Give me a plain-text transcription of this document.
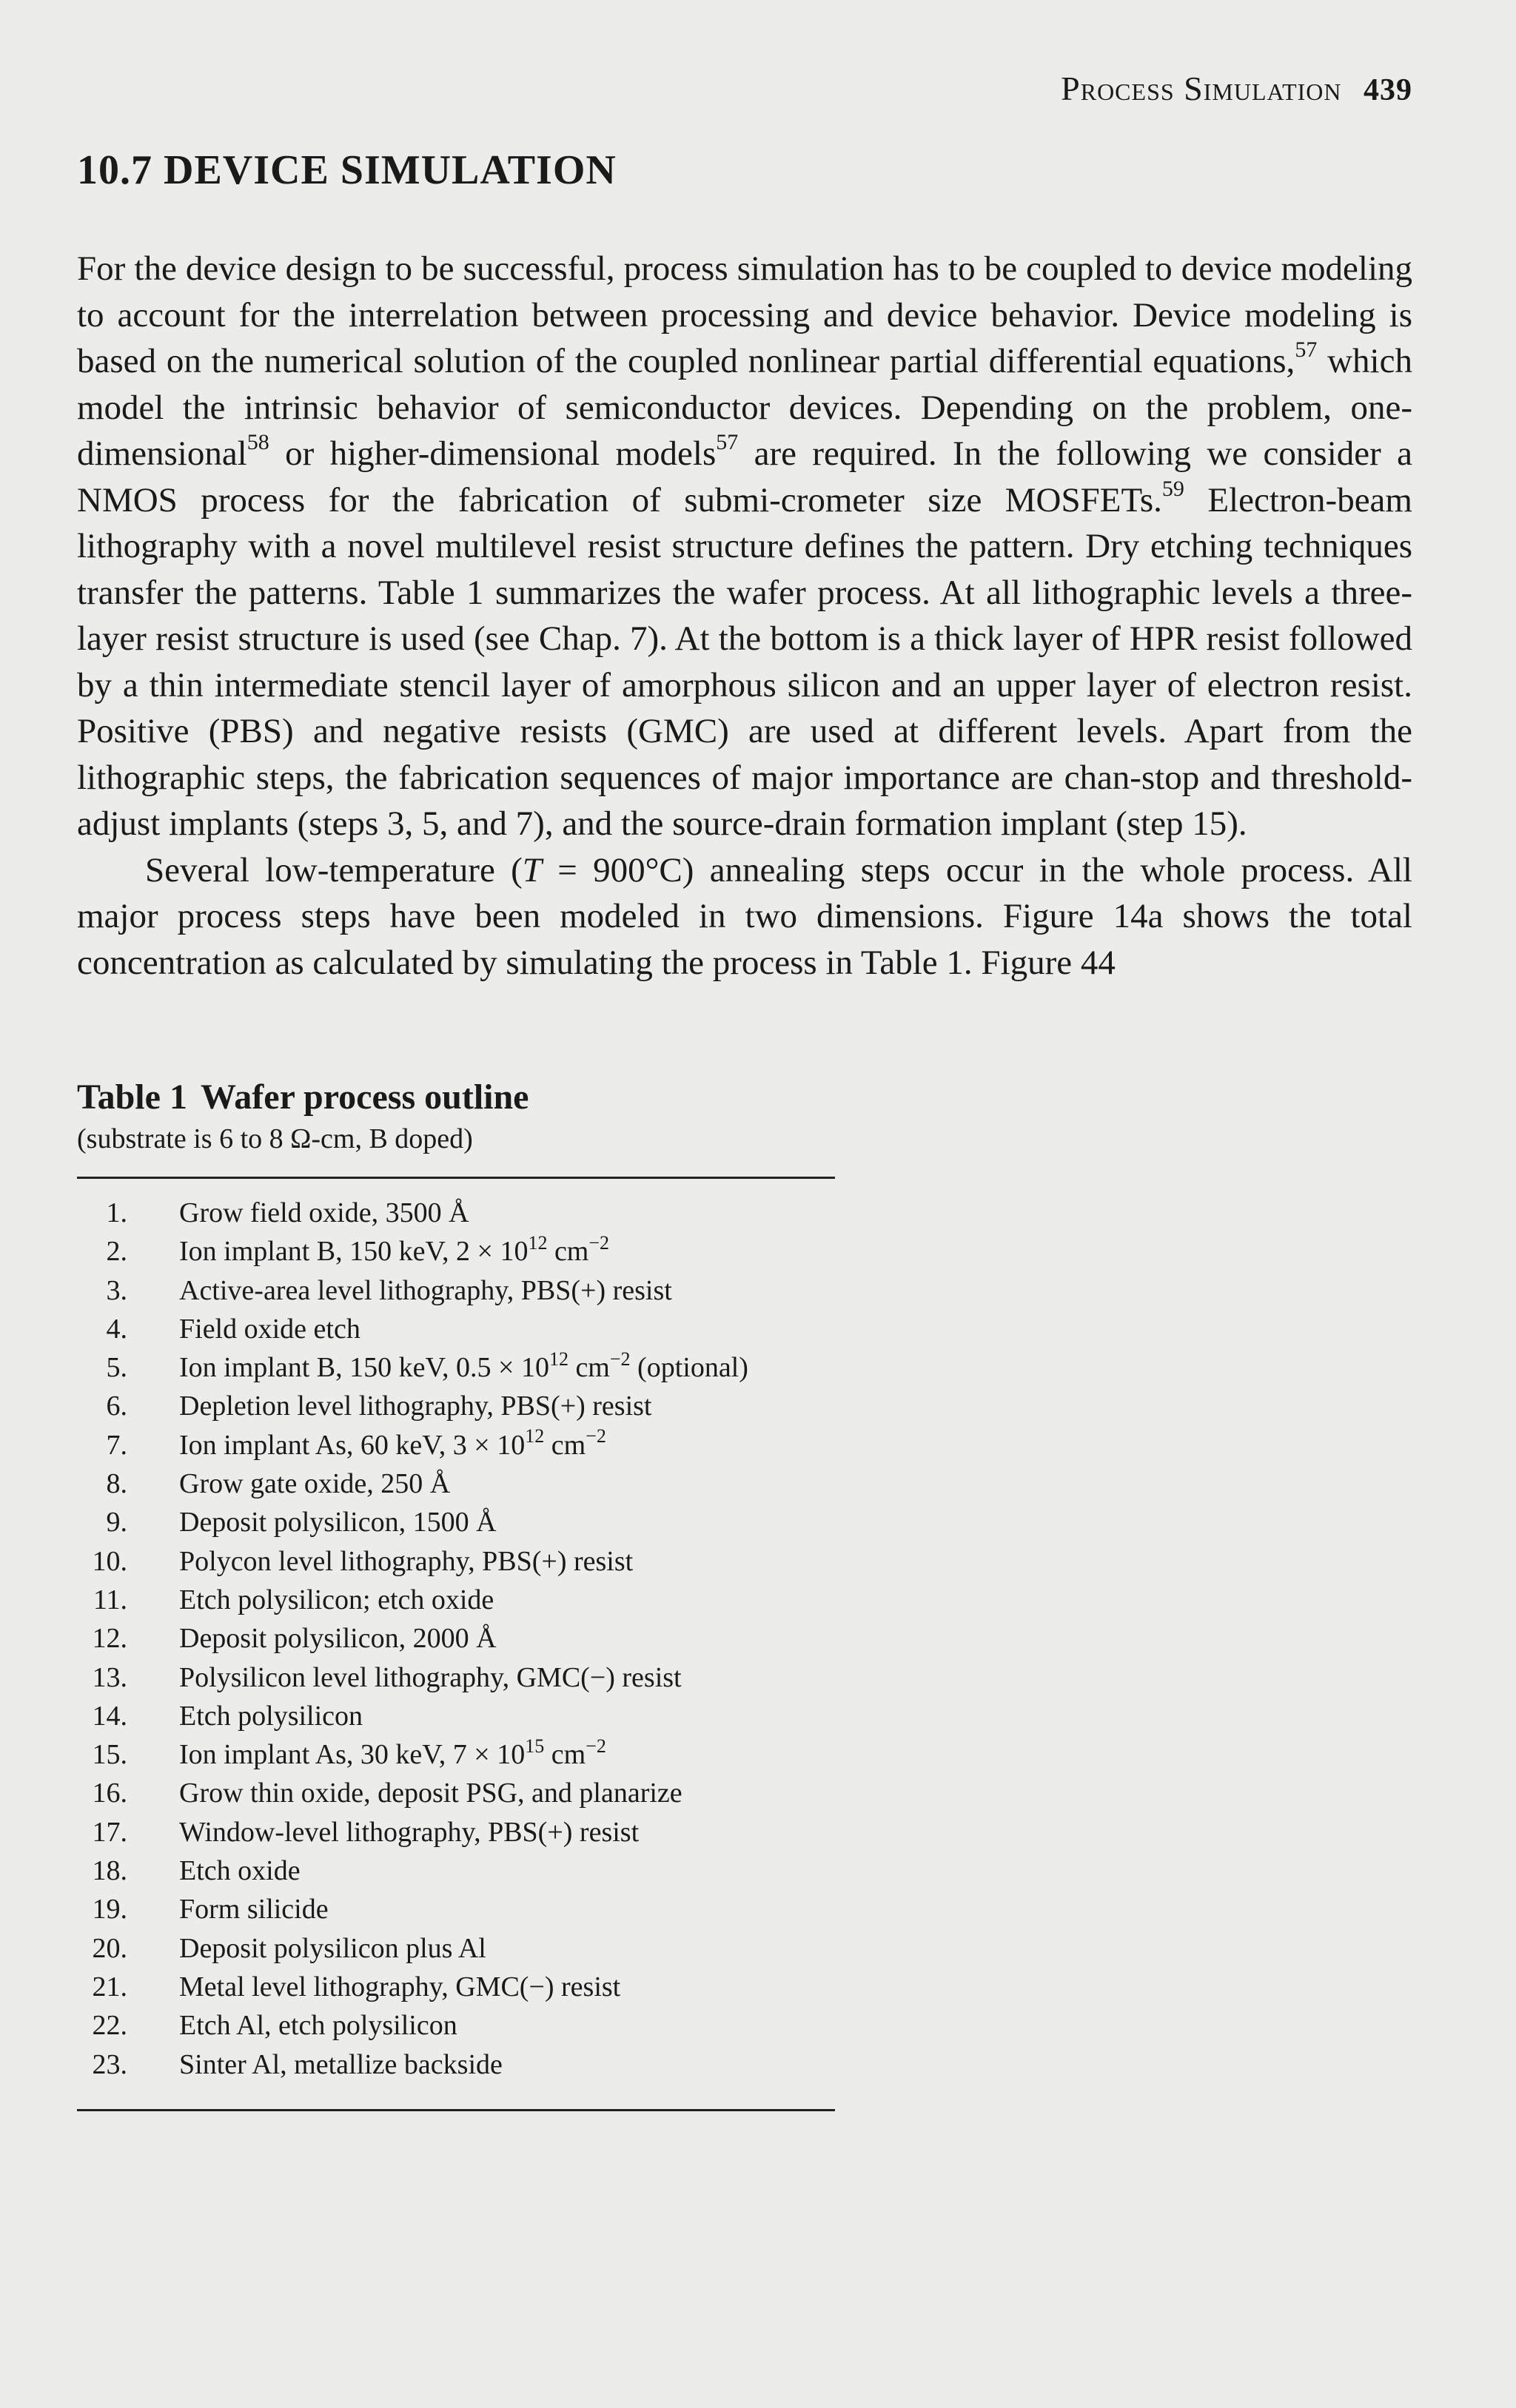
Process Simulation 439
10.7 DEVICE SIMULATION

For the device design to be successful, process simulation has to be coupled to device modeling to account for the interrelation between processing and device behavior. Device modeling is based on the numerical solution of the coupled nonlinear partial differential equations,$^{57}$ which model the intrinsic behavior of semiconductor devices. Depending on the problem, one-dimensional$^{58}$ or higher-dimensional models$^{57}$ are required. In the following we consider a NMOS process for the fabrication of submi-crometer size MOSFETs.$^{59}$ Electron-beam lithography with a novel multilevel resist structure defines the pattern. Dry etching techniques transfer the patterns. Table 1 summarizes the wafer process. At all lithographic levels a three-layer resist structure is used (see Chap. 7). At the bottom is a thick layer of HPR resist followed by a thin intermediate stencil layer of amorphous silicon and an upper layer of electron resist. Positive (PBS) and negative resists (GMC) are used at different levels. Apart from the lithographic steps, the fabrication sequences of major importance are chan-stop and threshold-adjust implants (steps 3, 5, and 7), and the source-drain formation implant (step 15).

Several low-temperature (T = 900°C) annealing steps occur in the whole process. All major process steps have been modeled in two dimensions. Figure 14a shows the total concentration as calculated by simulating the process in Table 1. Figure 44

Table 1 Wafer process outline
(substrate is 6 to 8 Ω-cm, B doped)
1. Grow field oxide, 3500 Å
2. Ion implant B, 150 keV, $2 \times 10^{12}$ $cm^{-2}$
3. Active-area level lithography, PBS(+) resist
4. Field oxide etch
5. Ion implant B, 150 keV, $0.5 \times 10^{12}$ $cm^{-2}$ (optional)
6. Depletion level lithography, PBS(+) resist
7. Ion implant As, 60 keV, $3 \times 10^{12}$ $cm^{-2}$
8. Grow gate oxide, 250 Å
9. Deposit polysilicon, 1500 Å
10. Polycon level lithography, PBS(+) resist
11. Etch polysilicon; etch oxide
12. Deposit polysilicon, 2000 Å
13. Polysilicon level lithography, GMC(−) resist
14. Etch polysilicon
15. Ion implant As, 30 keV, $7 \times 10^{15}$ $cm^{-2}$
16. Grow thin oxide, deposit PSG, and planarize
17. Window-level lithography, PBS(+) resist
18. Etch oxide
19. Form silicide
20. Deposit polysilicon plus Al
21. Metal level lithography, GMC(−) resist
22. Etch Al, etch polysilicon
23. Sinter Al, metallize backside
